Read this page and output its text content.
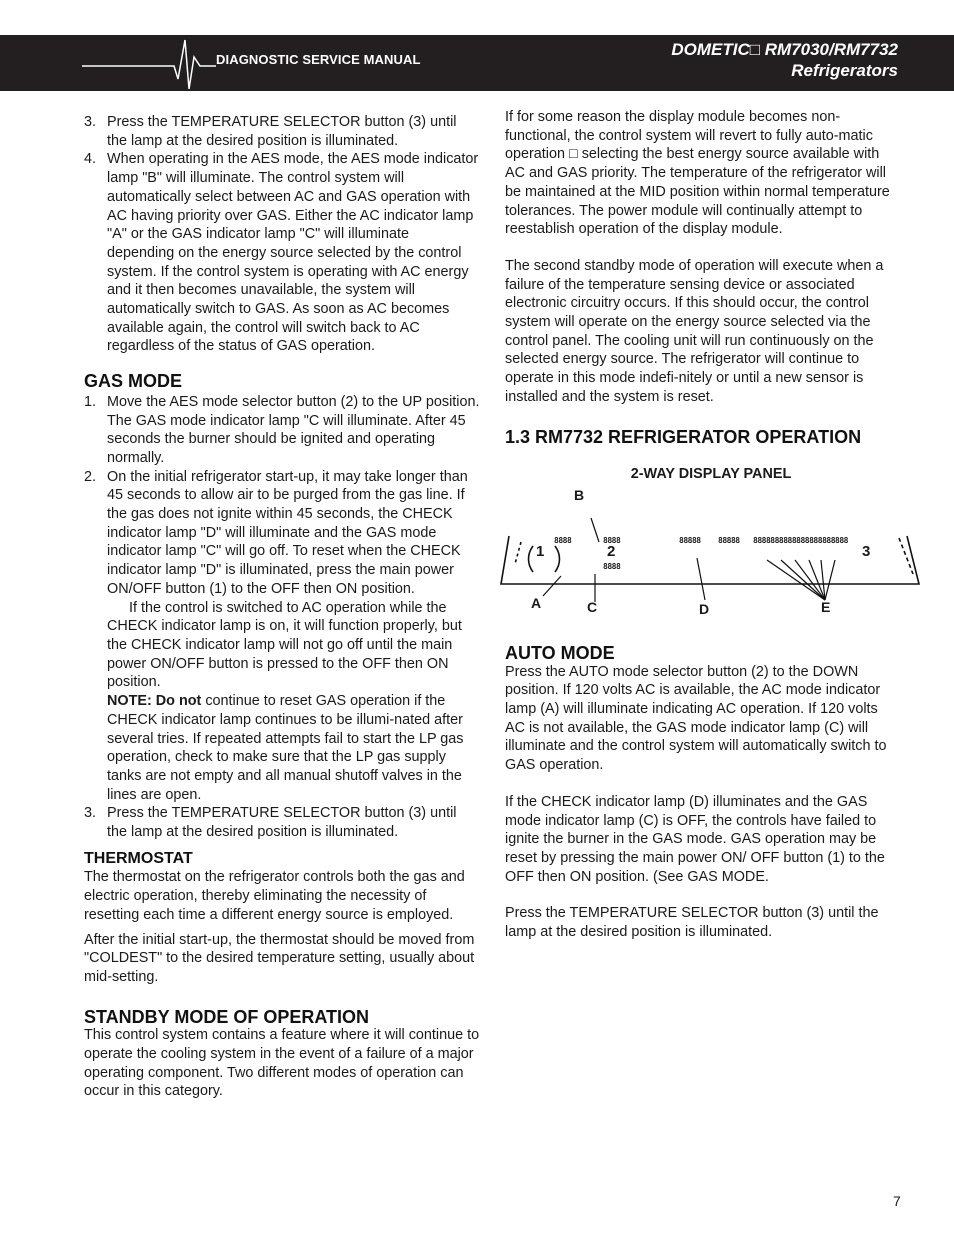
DIAGNOSTIC SERVICE MANUAL
DOMETIC□ RM7030/RM7732
Refrigerators
3. Press the TEMPERATURE SELECTOR button (3) until the lamp at the desired position is illuminated.

4. When operating in the AES mode, the AES mode indicator lamp "B" will illuminate. The control system will automatically select between AC and GAS operation with AC having priority over GAS. Either the AC indicator lamp "A" or the GAS indicator lamp "C" will illuminate depending on the energy source selected by the control system. If the control system is operating with AC energy and it then becomes unavailable, the system will automatically switch to GAS. As soon as AC becomes available again, the control will switch back to AC regardless of the status of GAS operation.

GAS MODE
1. Move the AES mode selector button (2) to the UP position. The GAS mode indicator lamp "C will illuminate. After 45 seconds the burner should be ignited and operating normally.

2. On the initial refrigerator start-up, it may take longer than 45 seconds to allow air to be purged from the gas line. If the gas does not ignite within 45 seconds, the CHECK indicator lamp "D" will illuminate and the GAS mode indicator lamp "C" will go off. To reset when the CHECK indicator lamp "D" is illuminated, press the main power ON/OFF button (1) to the OFF then ON position.

If the control is switched to AC operation while the CHECK indicator lamp is on, it will function properly, but the CHECK indicator lamp will not go off until the main power ON/OFF button is pressed to the OFF then ON position.

NOTE: Do not continue to reset GAS operation if the CHECK indicator lamp continues to be illumi-nated after several tries. If repeated attempts fail to start the LP gas operation, check to make sure that the LP gas supply tanks are not empty and all manual shutoff valves in the lines are open.

3. Press the TEMPERATURE SELECTOR button (3) until the lamp at the desired position is illuminated.

THERMOSTAT

The thermostat on the refrigerator controls both the gas and electric operation, thereby eliminating the necessity of resetting each time a different energy source is employed.

After the initial start-up, the thermostat should be moved from "COLDEST" to the desired temperature setting, usually about mid-setting.

STANDBY MODE OF OPERATION

This control system contains a feature where it will continue to operate the cooling system in the event of a failure of a major operating component. Two different modes of operation can occur in this category.

If for some reason the display module becomes non-functional, the control system will revert to fully auto-matic operation □ selecting the best energy source available with AC and GAS priority. The temperature of the refrigerator will be maintained at the MID position within normal temperature tolerances. The power module will continually attempt to reestablish operation of the display module.

The second standby mode of operation will execute when a failure of the temperature sensing device or associated electronic circuitry occurs. If this should occur, the control system will operate on the energy source selected via the control panel. The cooling unit will run continuously on the selected energy source. The refrigerator will continue to operate in this mode indefi-nitely or until a new sensor is installed and the system is reset.

1.3 RM7732 REFRIGERATOR OPERATION
2-WAY DISPLAY PANEL
B
A	C	D	E
1	2	3
8888
8888
8888
88888 88888 8888888888888888888888
AUTO MODE

Press the AUTO mode selector button (2) to the DOWN position. If 120 volts AC is available, the AC mode indicator lamp (A) will illuminate indicating AC operation. If 120 volts AC is not available, the GAS mode indicator lamp (C) will illuminate and the control system will automatically switch to GAS operation.

If the CHECK indicator lamp (D) illuminates and the GAS mode indicator lamp (C) is OFF, the controls have failed to ignite the burner in the GAS mode. GAS operation may be reset by pressing the main power ON/ OFF button (1) to the OFF then ON position. (See GAS MODE.

Press the TEMPERATURE SELECTOR button (3) until the lamp at the desired position is illuminated.

7
